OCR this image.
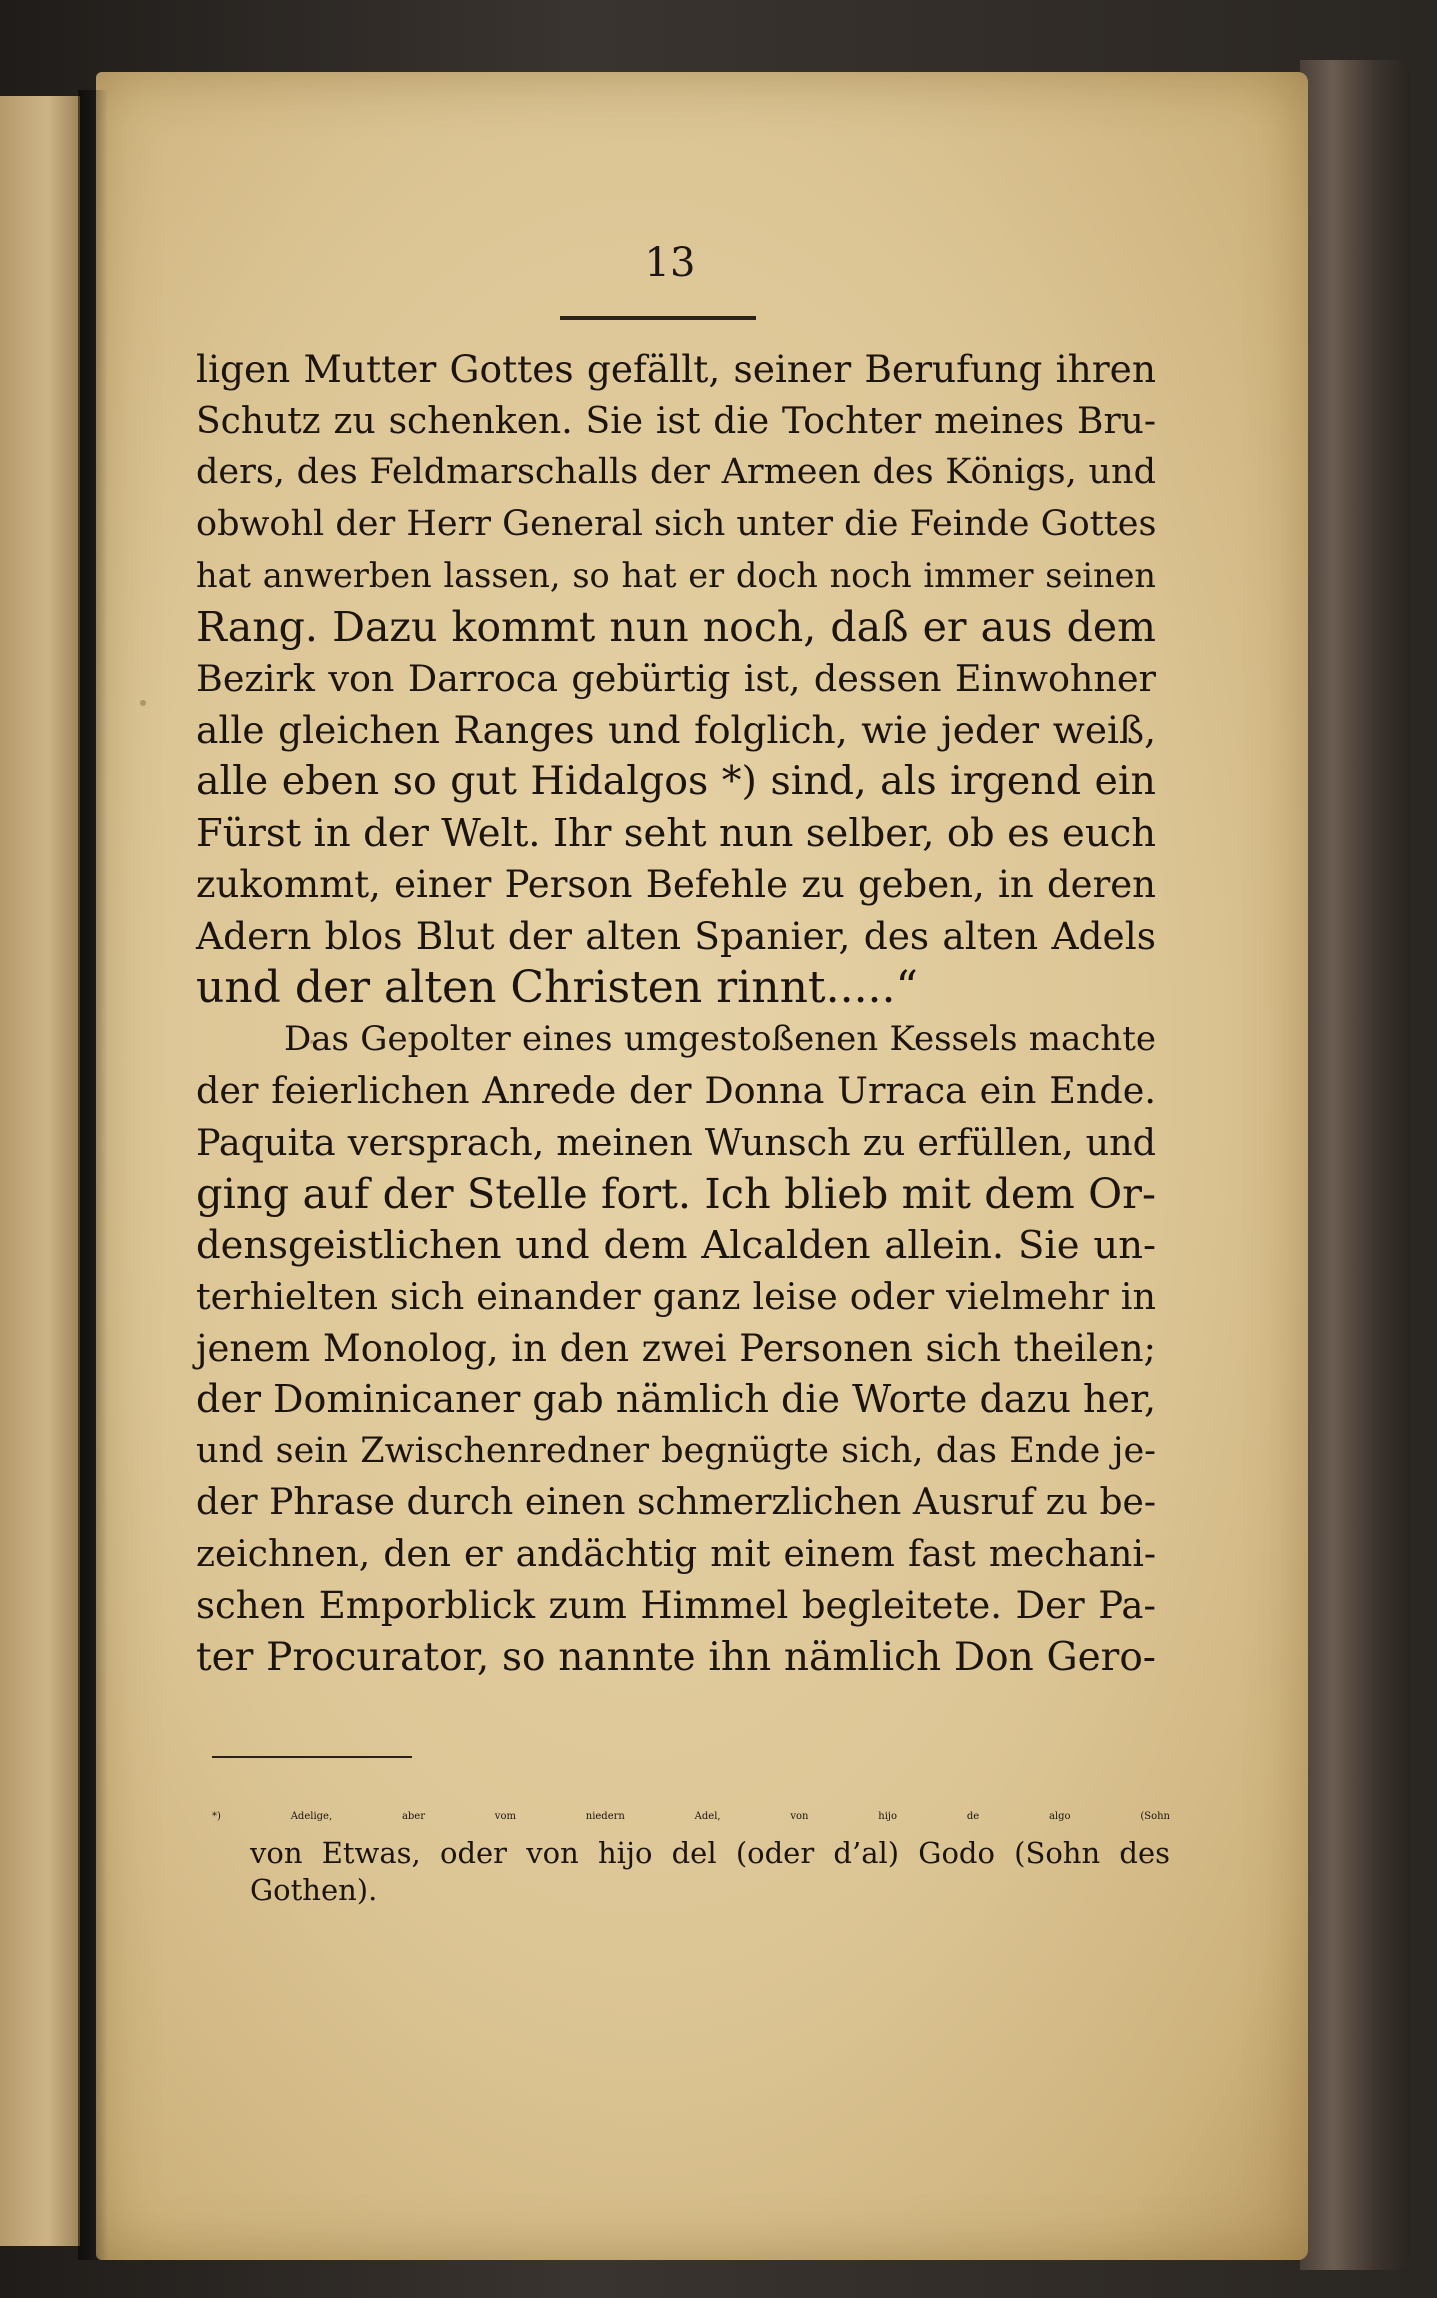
13
ligen Mutter Gottes gefällt, seiner Berufung ihren
Schutz zu schenken. Sie ist die Tochter meines Bru-
ders, des Feldmarschalls der Armeen des Königs, und
obwohl der Herr General sich unter die Feinde Gottes
hat anwerben lassen, so hat er doch noch immer seinen
Rang. Dazu kommt nun noch, daß er aus dem
Bezirk von Darroca gebürtig ist, dessen Einwohner
alle gleichen Ranges und folglich, wie jeder weiß,
alle eben so gut Hidalgos *) sind, als irgend ein
Fürst in der Welt. Ihr seht nun selber, ob es euch
zukommt, einer Person Befehle zu geben, in deren
Adern blos Blut der alten Spanier, des alten Adels
und der alten Christen rinnt.....“
Das Gepolter eines umgestoßenen Kessels machte
der feierlichen Anrede der Donna Urraca ein Ende.
Paquita versprach, meinen Wunsch zu erfüllen, und
ging auf der Stelle fort. Ich blieb mit dem Or-
densgeistlichen und dem Alcalden allein. Sie un-
terhielten sich einander ganz leise oder vielmehr in
jenem Monolog, in den zwei Personen sich theilen;
der Dominicaner gab nämlich die Worte dazu her,
und sein Zwischenredner begnügte sich, das Ende je-
der Phrase durch einen schmerzlichen Ausruf zu be-
zeichnen, den er andächtig mit einem fast mechani-
schen Emporblick zum Himmel begleitete. Der Pa-
ter Procurator, so nannte ihn nämlich Don Gero-
*) Adelige, aber vom niedern Adel, von hijo de algo (Sohn
von Etwas, oder von hijo del (oder d’al) Godo (Sohn des
Gothen).
